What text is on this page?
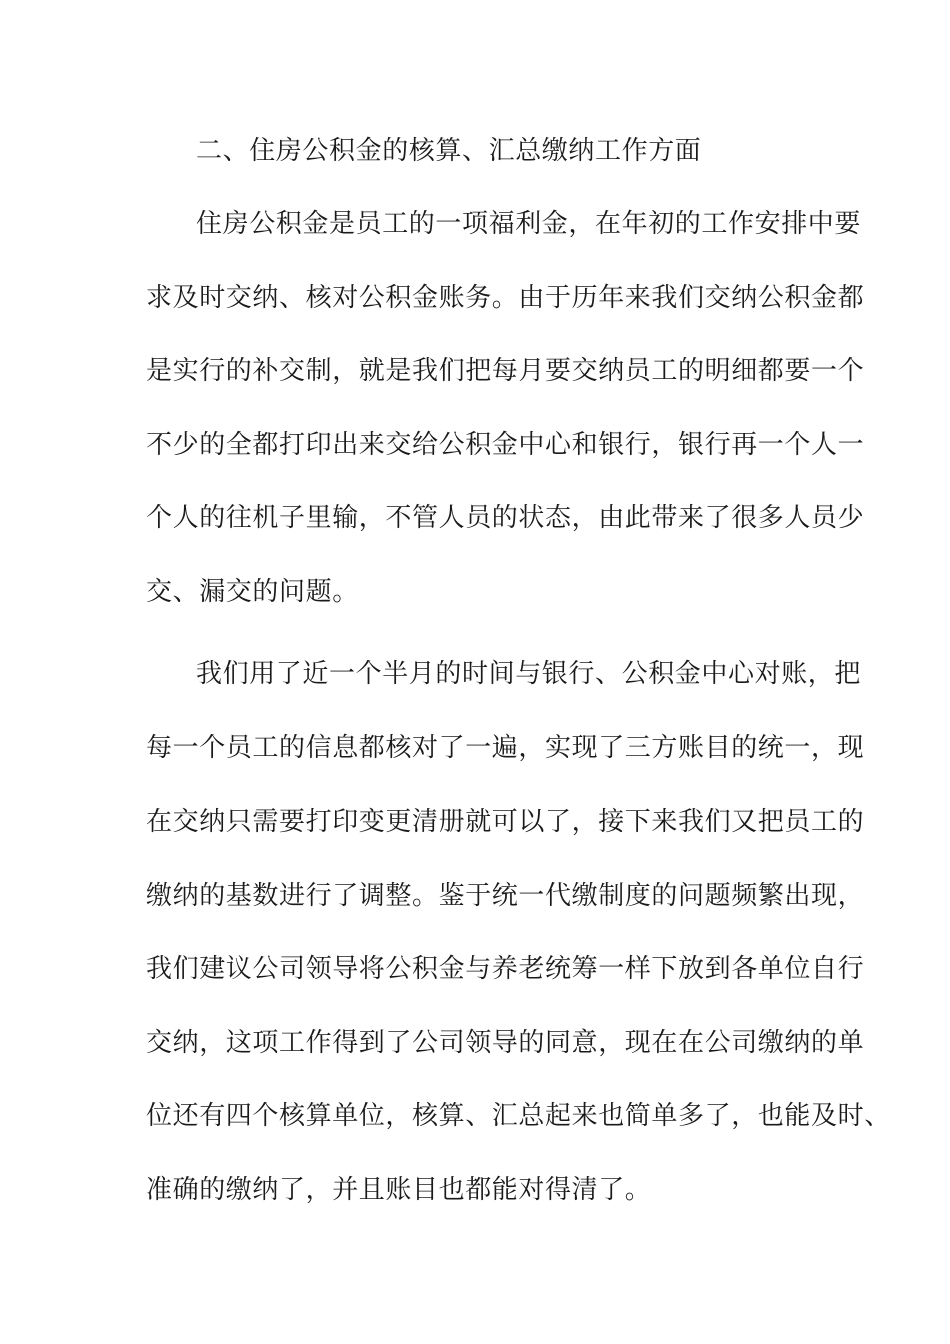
二、住房公积金的核算、汇总缴纳工作方面
住房公积金是员工的一项福利金，在年初的工作安排中要
求及时交纳、核对公积金账务。由于历年来我们交纳公积金都
是实行的补交制，就是我们把每月要交纳员工的明细都要一个
不少的全都打印出来交给公积金中心和银行，银行再一个人一
个人的往机子里输，不管人员的状态，由此带来了很多人员少
交、漏交的问题。
我们用了近一个半月的时间与银行、公积金中心对账，把
每一个员工的信息都核对了一遍，实现了三方账目的统一，现
在交纳只需要打印变更清册就可以了，接下来我们又把员工的
缴纳的基数进行了调整。鉴于统一代缴制度的问题频繁出现，
我们建议公司领导将公积金与养老统筹一样下放到各单位自行
交纳，这项工作得到了公司领导的同意，现在在公司缴纳的单
位还有四个核算单位，核算、汇总起来也简单多了，也能及时、
准确的缴纳了，并且账目也都能对得清了。
